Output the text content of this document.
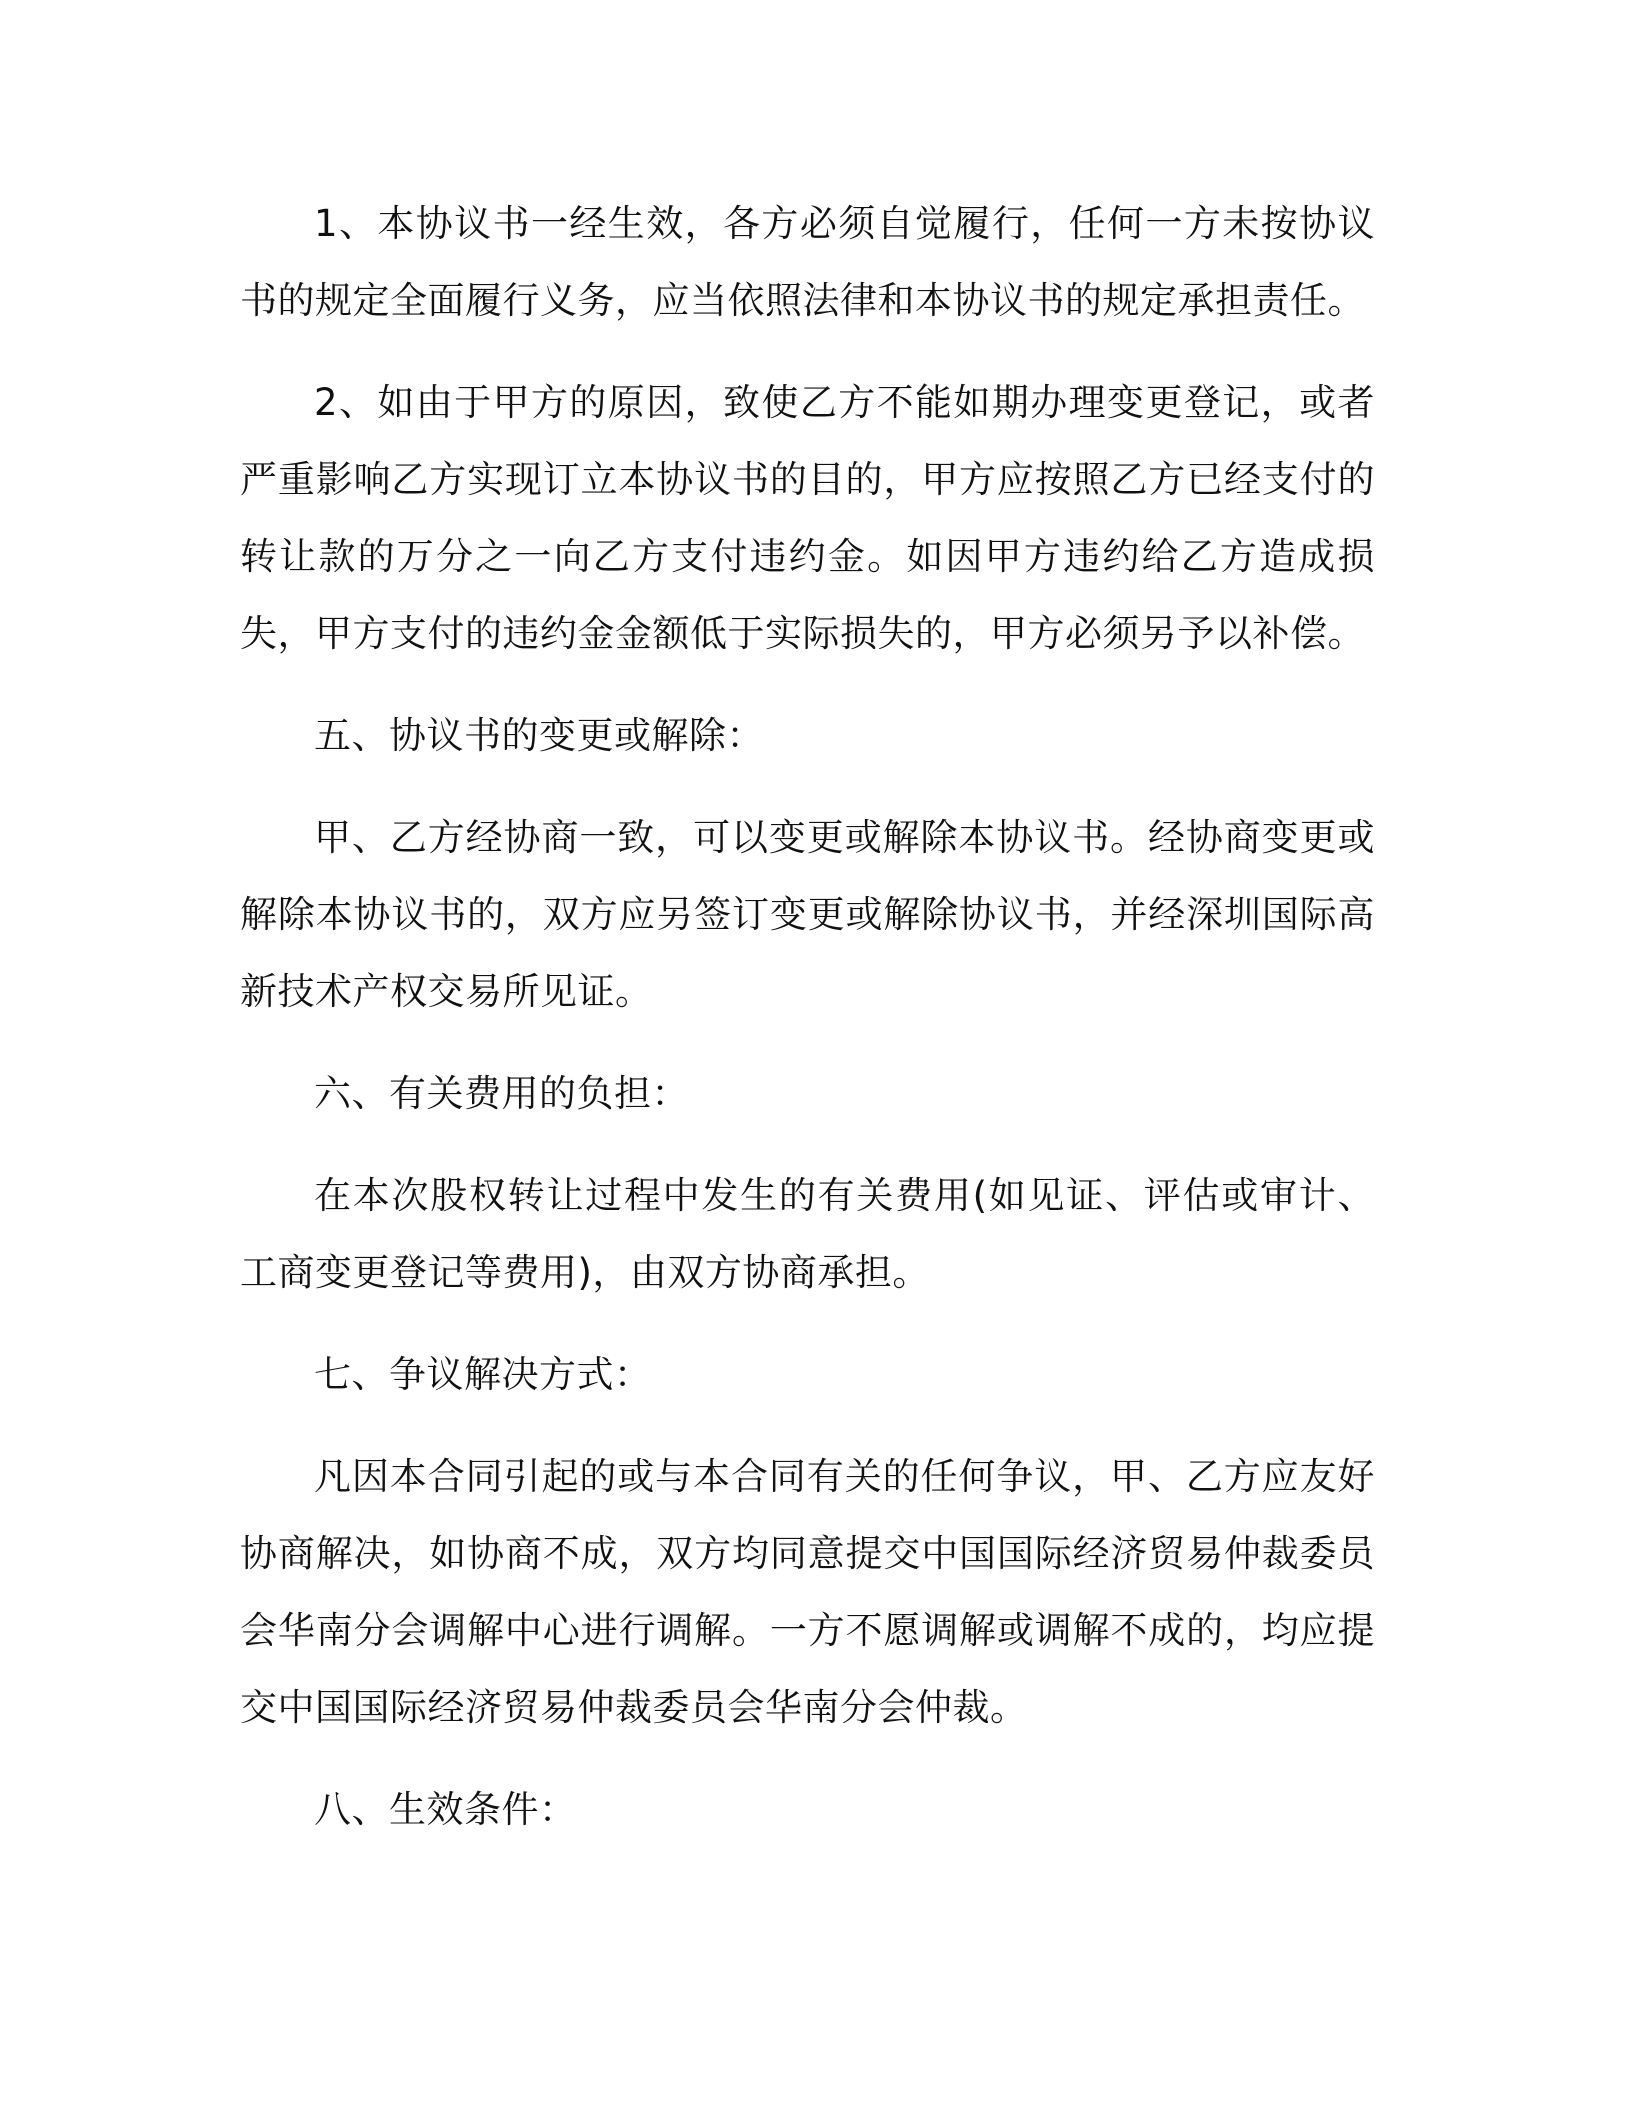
1、本协议书一经生效，各方必须自觉履行，任何一方未按协议书的规定全面履行义务，应当依照法律和本协议书的规定承担责任。

2、如由于甲方的原因，致使乙方不能如期办理变更登记，或者严重影响乙方实现订立本协议书的目的，甲方应按照乙方已经支付的转让款的万分之一向乙方支付违约金。如因甲方违约给乙方造成损失，甲方支付的违约金金额低于实际损失的，甲方必须另予以补偿。

五、协议书的变更或解除：

甲、乙方经协商一致，可以变更或解除本协议书。经协商变更或解除本协议书的，双方应另签订变更或解除协议书，并经深圳国际高新技术产权交易所见证。

六、有关费用的负担：

在本次股权转让过程中发生的有关费用(如见证、评估或审计、工商变更登记等费用)，由双方协商承担。

七、争议解决方式：

凡因本合同引起的或与本合同有关的任何争议，甲、乙方应友好协商解决，如协商不成，双方均同意提交中国国际经济贸易仲裁委员会华南分会调解中心进行调解。一方不愿调解或调解不成的，均应提交中国国际经济贸易仲裁委员会华南分会仲裁。

八、生效条件：
